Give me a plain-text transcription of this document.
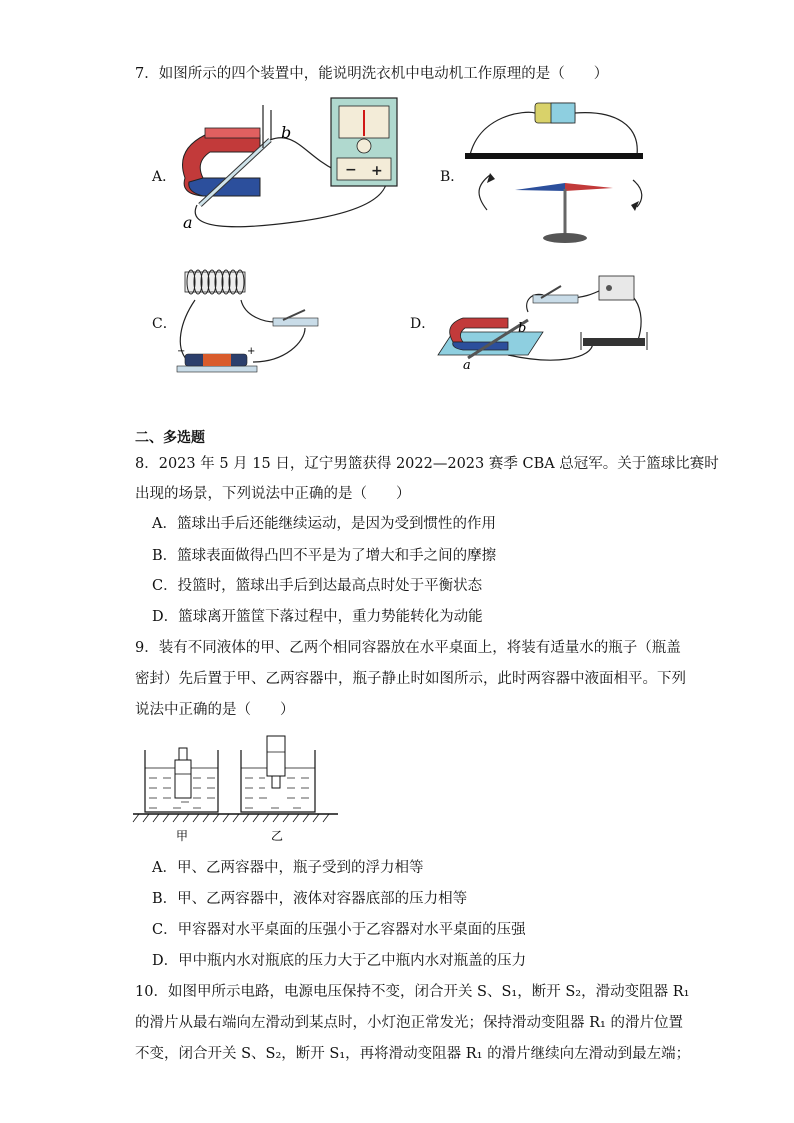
7．如图所示的四个装置中，能说明洗衣机中电动机工作原理的是（　　）
A．	B．
C．	D．
− +
a
b
−	+
b
a
二、多选题
8．2023 年 5 月 15 日，辽宁男篮获得 2022—2023 赛季 CBA 总冠军。关于篮球比赛时
出现的场景，下列说法中正确的是（　　）
A．篮球出手后还能继续运动，是因为受到惯性的作用
B．篮球表面做得凸凹不平是为了增大和手之间的摩擦
C．投篮时，篮球出手后到达最高点时处于平衡状态
D．篮球离开篮筐下落过程中，重力势能转化为动能
9．装有不同液体的甲、乙两个相同容器放在水平桌面上，将装有适量水的瓶子（瓶盖
密封）先后置于甲、乙两容器中，瓶子静止时如图所示，此时两容器中液面相平。下列
说法中正确的是（　　）
甲	乙
A．甲、乙两容器中，瓶子受到的浮力相等
B．甲、乙两容器中，液体对容器底部的压力相等
C．甲容器对水平桌面的压强小于乙容器对水平桌面的压强
D．甲中瓶内水对瓶底的压力大于乙中瓶内水对瓶盖的压力
10．如图甲所示电路，电源电压保持不变，闭合开关 S、S₁，断开 S₂，滑动变阻器 R₁
的滑片从最右端向左滑动到某点时，小灯泡正常发光；保持滑动变阻器 R₁ 的滑片位置
不变，闭合开关 S、S₂，断开 S₁，再将滑动变阻器 R₁ 的滑片继续向左滑动到最左端；
